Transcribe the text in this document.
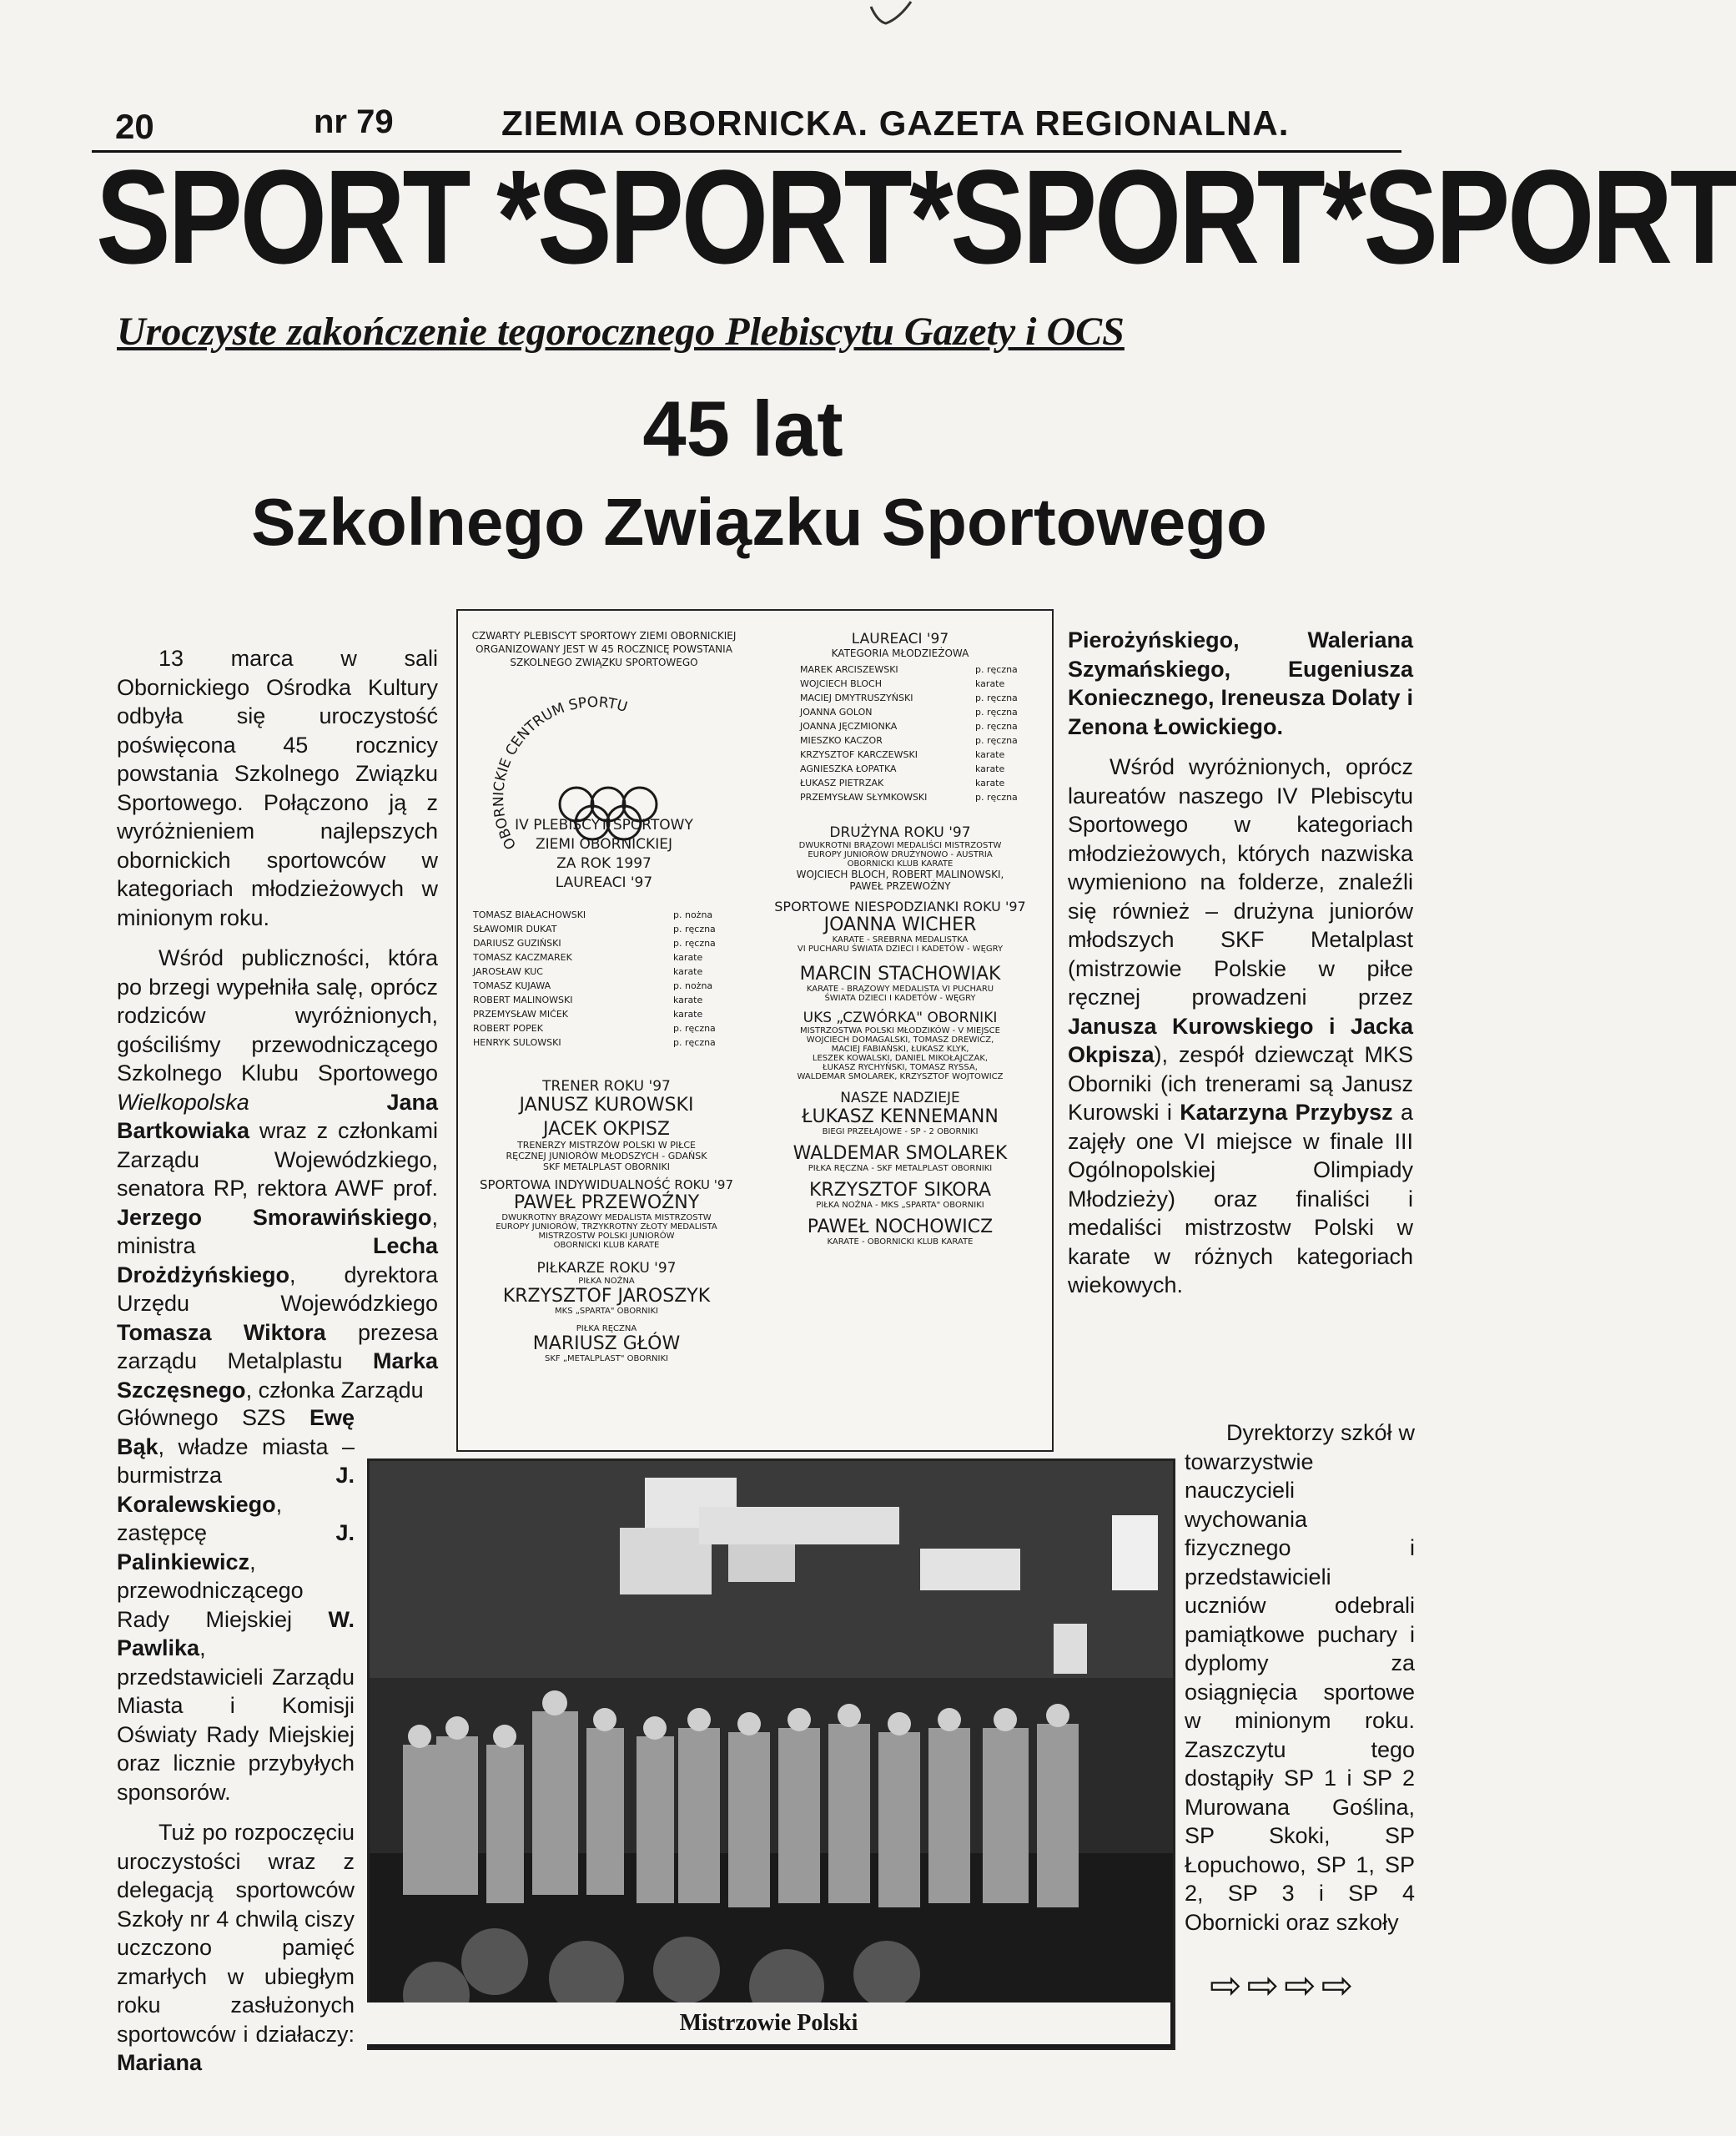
20	nr 79	ZIEMIA OBORNICKA. GAZETA REGIONALNA.
SPORT *SPORT*SPORT*SPORT
Uroczyste zakończenie tegorocznego Plebiscytu Gazety i OCS
45 lat
Szkolnego Związku Sportowego

13 marca w sali Obornickiego Ośrodka Kultury odbyła się uroczystość poświęcona 45 rocznicy powstania Szkolnego Związku Sportowego. Połączono ją z wyróżnieniem najlepszych obornickich sportowców w kategoriach młodzieżowych w minionym roku.

Wśród publiczności, która po brzegi wypełniła salę, oprócz rodziców wyróżnionych, gościliśmy przewodniczącego Szkolnego Klubu Sportowego Wielkopolska	Jana Bartkowiaka wraz z członkami Zarządu Wojewódzkiego, senatora RP, rektora AWF prof. Jerzego Smorawińskiego, ministra Lecha Drożdżyńskiego, dyrektora Urzędu Wojewódzkiego Tomasza Wiktora prezesa zarządu Metalplastu Marka Szczęsnego, członka Zarządu

Głównego SZS Ewę Bąk, władze miasta – burmistrza J. Koralewskiego, zastępcę J. Palinkiewicz, przewodniczącego Rady Miejskiej W. Pawlika, przedstawicieli Zarządu Miasta i Komisji Oświaty Rady Miejskiej oraz licznie przybyłych sponsorów.

Tuż po rozpoczęciu uroczystości wraz z delegacją sportowców Szkoły nr 4 chwilą ciszy uczczono pamięć zmarłych w ubiegłym roku zasłużonych sportowców i działaczy: Mariana

Pierożyńskiego, Waleriana Szymańskiego, Eugeniusza Koniecznego, Ireneusza Dolaty i Zenona Łowickiego.

Wśród wyróżnionych, oprócz laureatów naszego IV Plebiscytu Sportowego w kategoriach młodzieżowych, których nazwiska wymieniono na folderze, znaleźli się również – drużyna juniorów młodszych SKF Metalplast (mistrzowie Polskie w piłce ręcznej prowadzeni przez Janusza Kurowskiego i Jacka Okpisza), zespół dziewcząt MKS Oborniki (ich trenerami są Janusz Kurowski i Katarzyna Przybysz a zajęły one VI miejsce w finale III Ogólnopolskiej Olimpiady Młodzieży) oraz finaliści i medaliści mistrzostw Polski w karate w różnych kategoriach wiekowych.

Dyrektorzy szkół w towarzystwie nauczycieli wychowania fizycznego i przedstawicieli uczniów odebrali pamiątkowe puchary i dyplomy za osiągnięcia sportowe w minionym roku. Zaszczytu tego dostąpiły SP 1 i SP 2 Murowana Goślina, SP Skoki, SP Łopuchowo, SP 1, SP 2, SP 3 i SP 4 Obornicki oraz szkoły

CZWARTY PLEBISCYT SPORTOWY ZIEMI OBORNICKIEJ
ORGANIZOWANY JEST W 45 ROCZNICĘ POWSTANIA
SZKOLNEGO ZWIĄZKU SPORTOWEGO
OBORNICKIE CENTRUM SPORTU
IV PLEBISCYT SPORTOWY
ZIEMI OBORNICKIEJ
ZA ROK 1997
LAUREACI '97
TOMASZ BIAŁACHOWSKI	p. nożna
SŁAWOMIR DUKAT	p. ręczna
DARIUSZ GUZIŃSKI	p. ręczna
TOMASZ KACZMAREK	karate
JAROSŁAW KUC	karate
TOMASZ KUJAWA	p. nożna
ROBERT MALINOWSKI	karate
PRZEMYSŁAW MIĆEK	karate
ROBERT POPEK	p. ręczna
HENRYK SULOWSKI	p. ręczna
TRENER ROKU '97
JANUSZ KUROWSKI
JACEK OKPISZ
TRENERZY MISTRZÓW POLSKI W PIŁCE
RĘCZNEJ JUNIORÓW MŁODSZYCH - GDAŃSK
SKF METALPLAST OBORNIKI
SPORTOWA INDYWIDUALNOŚĆ ROKU '97
PAWEŁ PRZEWOŹNY
DWUKROTNY BRĄZOWY MEDALISTA MISTRZOSTW
EUROPY JUNIORÓW, TRZYKROTNY ZŁOTY MEDALISTA
MISTRZOSTW POLSKI JUNIORÓW
OBORNICKI KLUB KARATE
PIŁKARZE ROKU '97
PIŁKA NOŻNA
KRZYSZTOF JAROSZYK
MKS „SPARTA" OBORNIKI
PIŁKA RĘCZNA
MARIUSZ GŁÓW
SKF „METALPLAST" OBORNIKI
LAUREACI '97
KATEGORIA MŁODZIEŻOWA
MAREK ARCISZEWSKI	p. ręczna
WOJCIECH BLOCH	karate
MACIEJ DMYTRUSZYŃSKI	p. ręczna
JOANNA GOLON	p. ręczna
JOANNA JĘCZMIONKA	p. ręczna
MIESZKO KACZOR	p. ręczna
KRZYSZTOF KARCZEWSKI	karate
AGNIESZKA ŁOPATKA	karate
ŁUKASZ PIETRZAK	karate
PRZEMYSŁAW SŁYMKOWSKI	p. ręczna
DRUŻYNA ROKU '97
DWUKROTNI BRĄZOWI MEDALIŚCI MISTRZOSTW
EUROPY JUNIORÓW DRUŻYNOWO - AUSTRIA
OBORNICKI KLUB KARATE
WOJCIECH BLOCH, ROBERT MALINOWSKI,
PAWEŁ PRZEWOŹNY
SPORTOWE NIESPODZIANKI ROKU '97
JOANNA WICHER
KARATE - SREBRNA MEDALISTKA
VI PUCHARU ŚWIATA DZIECI I KADETÓW - WĘGRY
MARCIN STACHOWIAK
KARATE - BRĄZOWY MEDALISTA VI PUCHARU
ŚWIATA DZIECI I KADETÓW - WĘGRY
UKS „CZWÓRKA" OBORNIKI
MISTRZOSTWA POLSKI MŁODZIKÓW - V MIEJSCE
WOJCIECH DOMAGALSKI, TOMASZ DREWICZ,
MACIEJ FABIAŃSKI, ŁUKASZ KLYK,
LESZEK KOWALSKI, DANIEL MIKOŁAJCZAK,
ŁUKASZ RYCHYŃSKI, TOMASZ RYSSA,
WALDEMAR SMOLAREK, KRZYSZTOF WOJTOWICZ
NASZE NADZIEJE
ŁUKASZ KENNEMANN
BIEGI PRZEŁAJOWE - SP - 2 OBORNIKI
WALDEMAR SMOLAREK
PIŁKA RĘCZNA - SKF METALPLAST OBORNIKI
KRZYSZTOF SIKORA
PIŁKA NOŻNA - MKS „SPARTA" OBORNIKI
PAWEŁ NOCHOWICZ
KARATE - OBORNICKI KLUB KARATE
Mistrzowie Polski
⇨⇨⇨⇨
